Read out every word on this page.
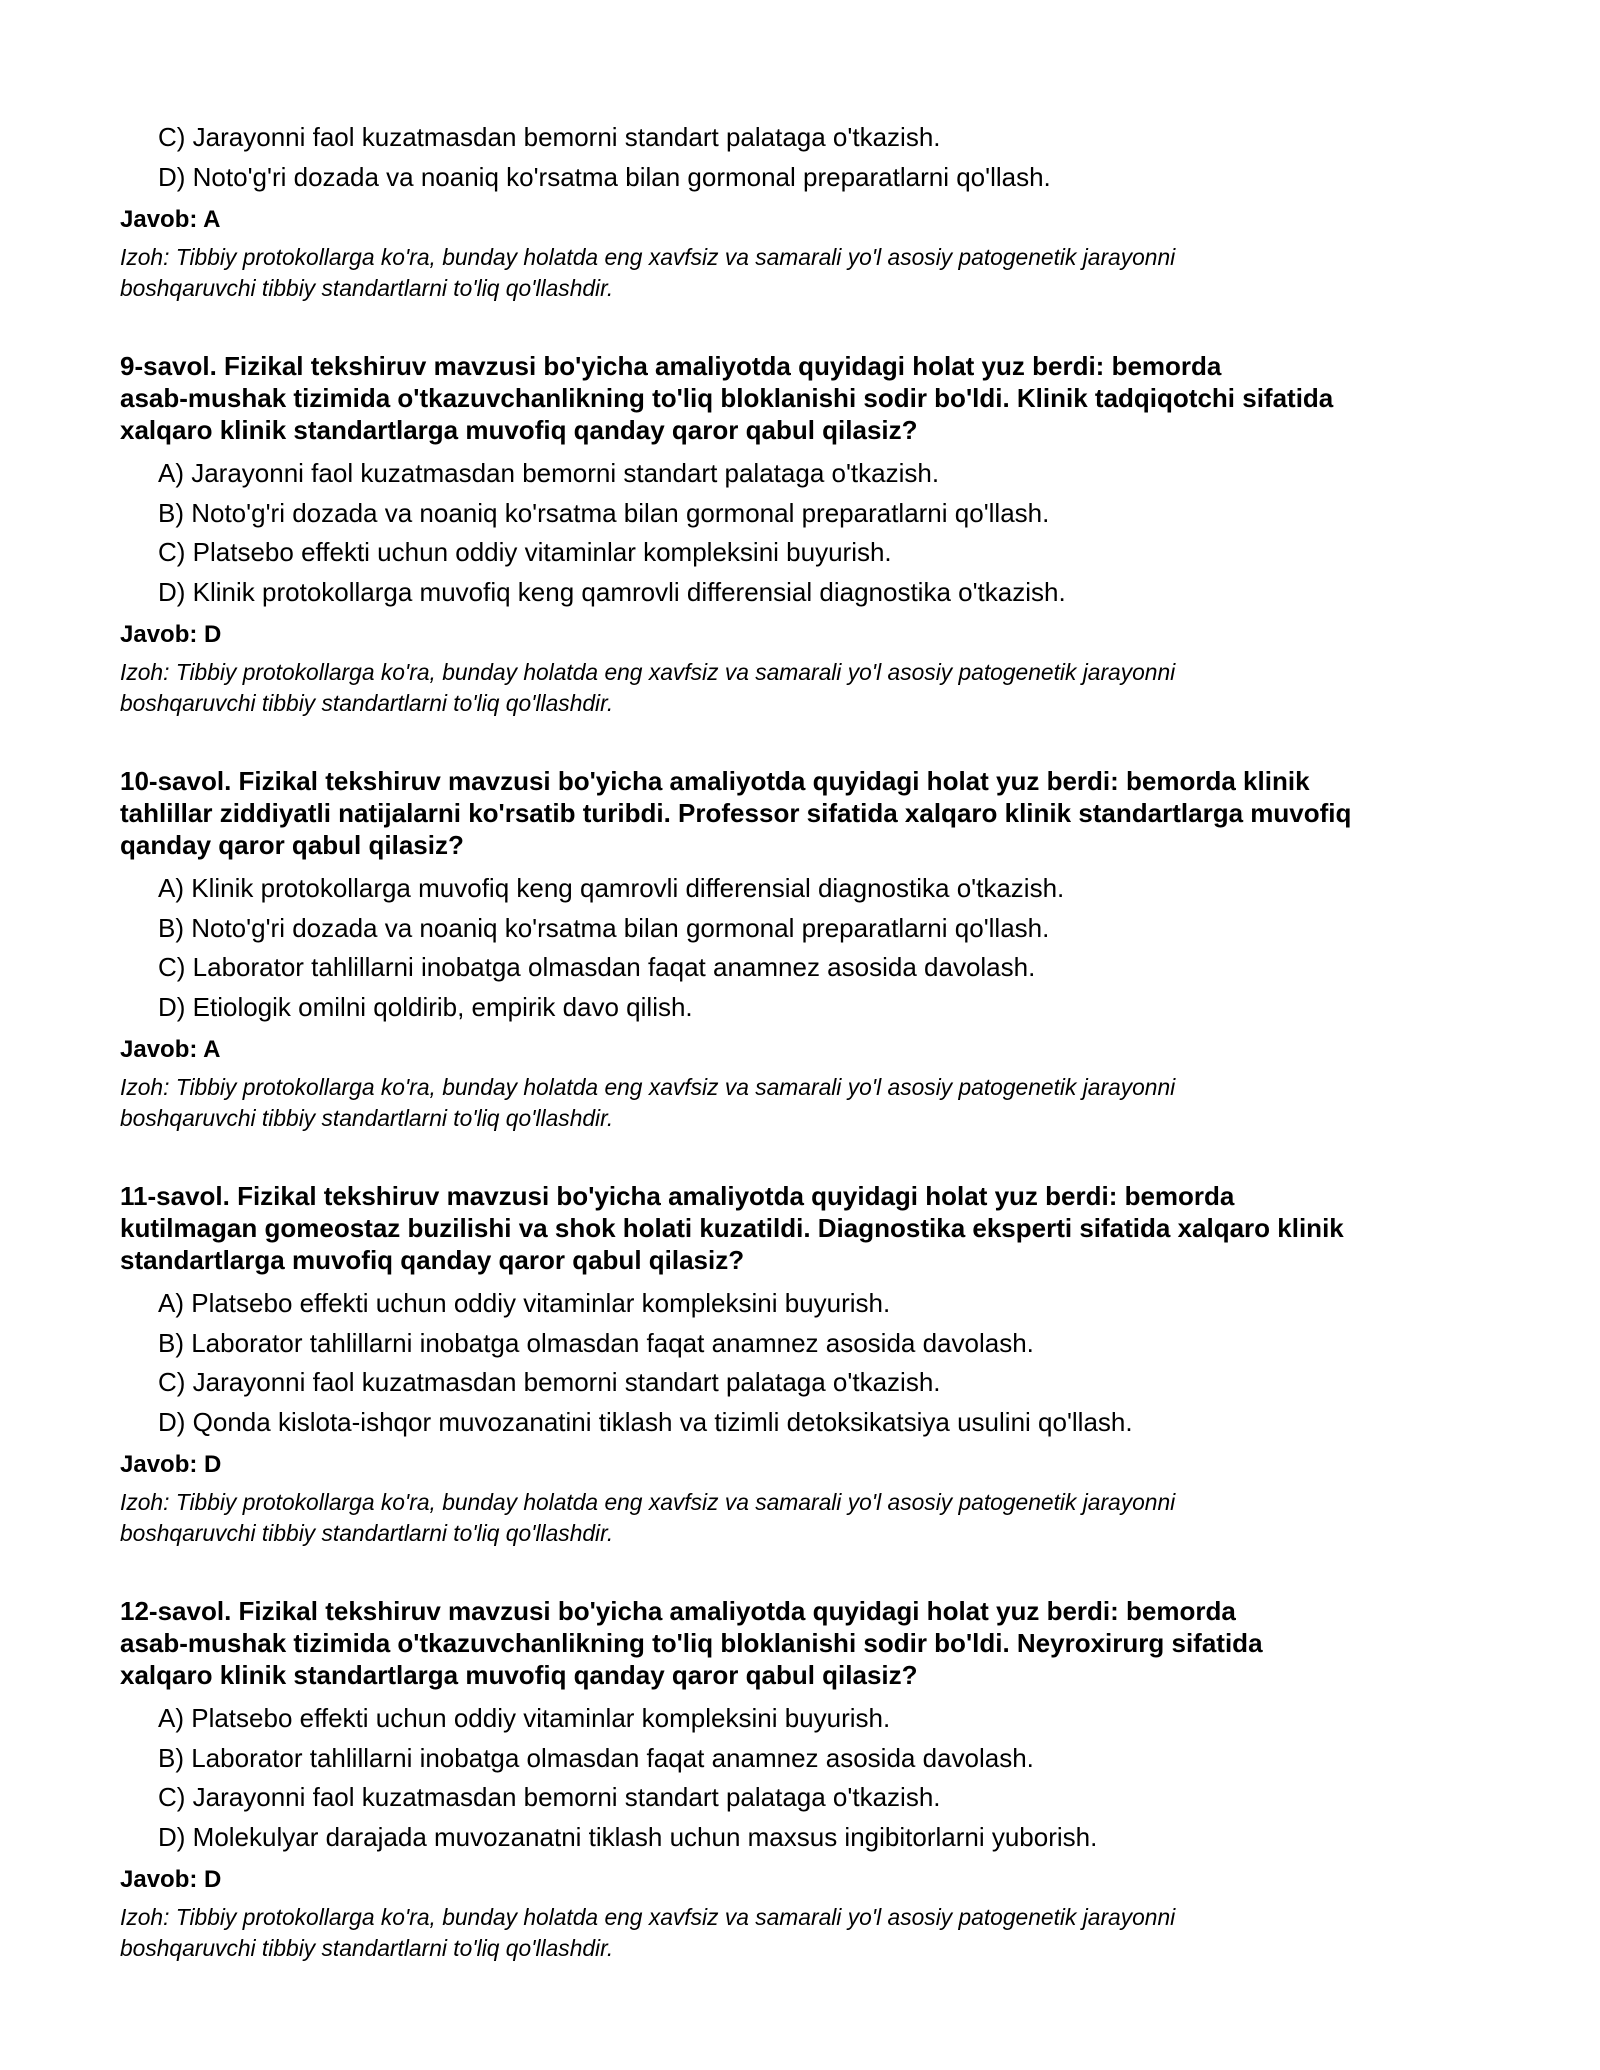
C) Jarayonni faol kuzatmasdan bemorni standart palataga o'tkazish.
D) Noto'g'ri dozada va noaniq ko'rsatma bilan gormonal preparatlarni qo'llash.
Javob: A
Izoh: Tibbiy protokollarga ko'ra, bunday holatda eng xavfsiz va samarali yo'l asosiy patogenetik jarayonni
boshqaruvchi tibbiy standartlarni to'liq qo'llashdir.
9-savol. Fizikal tekshiruv mavzusi bo'yicha amaliyotda quyidagi holat yuz berdi: bemorda
asab-mushak tizimida o'tkazuvchanlikning to'liq bloklanishi sodir bo'ldi. Klinik tadqiqotchi sifatida
xalqaro klinik standartlarga muvofiq qanday qaror qabul qilasiz?
A) Jarayonni faol kuzatmasdan bemorni standart palataga o'tkazish.
B) Noto'g'ri dozada va noaniq ko'rsatma bilan gormonal preparatlarni qo'llash.
C) Platsebo effekti uchun oddiy vitaminlar kompleksini buyurish.
D) Klinik protokollarga muvofiq keng qamrovli differensial diagnostika o'tkazish.
Javob: D
Izoh: Tibbiy protokollarga ko'ra, bunday holatda eng xavfsiz va samarali yo'l asosiy patogenetik jarayonni
boshqaruvchi tibbiy standartlarni to'liq qo'llashdir.
10-savol. Fizikal tekshiruv mavzusi bo'yicha amaliyotda quyidagi holat yuz berdi: bemorda klinik
tahlillar ziddiyatli natijalarni ko'rsatib turibdi. Professor sifatida xalqaro klinik standartlarga muvofiq
qanday qaror qabul qilasiz?
A) Klinik protokollarga muvofiq keng qamrovli differensial diagnostika o'tkazish.
B) Noto'g'ri dozada va noaniq ko'rsatma bilan gormonal preparatlarni qo'llash.
C) Laborator tahlillarni inobatga olmasdan faqat anamnez asosida davolash.
D) Etiologik omilni qoldirib, empirik davo qilish.
Javob: A
Izoh: Tibbiy protokollarga ko'ra, bunday holatda eng xavfsiz va samarali yo'l asosiy patogenetik jarayonni
boshqaruvchi tibbiy standartlarni to'liq qo'llashdir.
11-savol. Fizikal tekshiruv mavzusi bo'yicha amaliyotda quyidagi holat yuz berdi: bemorda
kutilmagan gomeostaz buzilishi va shok holati kuzatildi. Diagnostika eksperti sifatida xalqaro klinik
standartlarga muvofiq qanday qaror qabul qilasiz?
A) Platsebo effekti uchun oddiy vitaminlar kompleksini buyurish.
B) Laborator tahlillarni inobatga olmasdan faqat anamnez asosida davolash.
C) Jarayonni faol kuzatmasdan bemorni standart palataga o'tkazish.
D) Qonda kislota-ishqor muvozanatini tiklash va tizimli detoksikatsiya usulini qo'llash.
Javob: D
Izoh: Tibbiy protokollarga ko'ra, bunday holatda eng xavfsiz va samarali yo'l asosiy patogenetik jarayonni
boshqaruvchi tibbiy standartlarni to'liq qo'llashdir.
12-savol. Fizikal tekshiruv mavzusi bo'yicha amaliyotda quyidagi holat yuz berdi: bemorda
asab-mushak tizimida o'tkazuvchanlikning to'liq bloklanishi sodir bo'ldi. Neyroxirurg sifatida
xalqaro klinik standartlarga muvofiq qanday qaror qabul qilasiz?
A) Platsebo effekti uchun oddiy vitaminlar kompleksini buyurish.
B) Laborator tahlillarni inobatga olmasdan faqat anamnez asosida davolash.
C) Jarayonni faol kuzatmasdan bemorni standart palataga o'tkazish.
D) Molekulyar darajada muvozanatni tiklash uchun maxsus ingibitorlarni yuborish.
Javob: D
Izoh: Tibbiy protokollarga ko'ra, bunday holatda eng xavfsiz va samarali yo'l asosiy patogenetik jarayonni
boshqaruvchi tibbiy standartlarni to'liq qo'llashdir.
